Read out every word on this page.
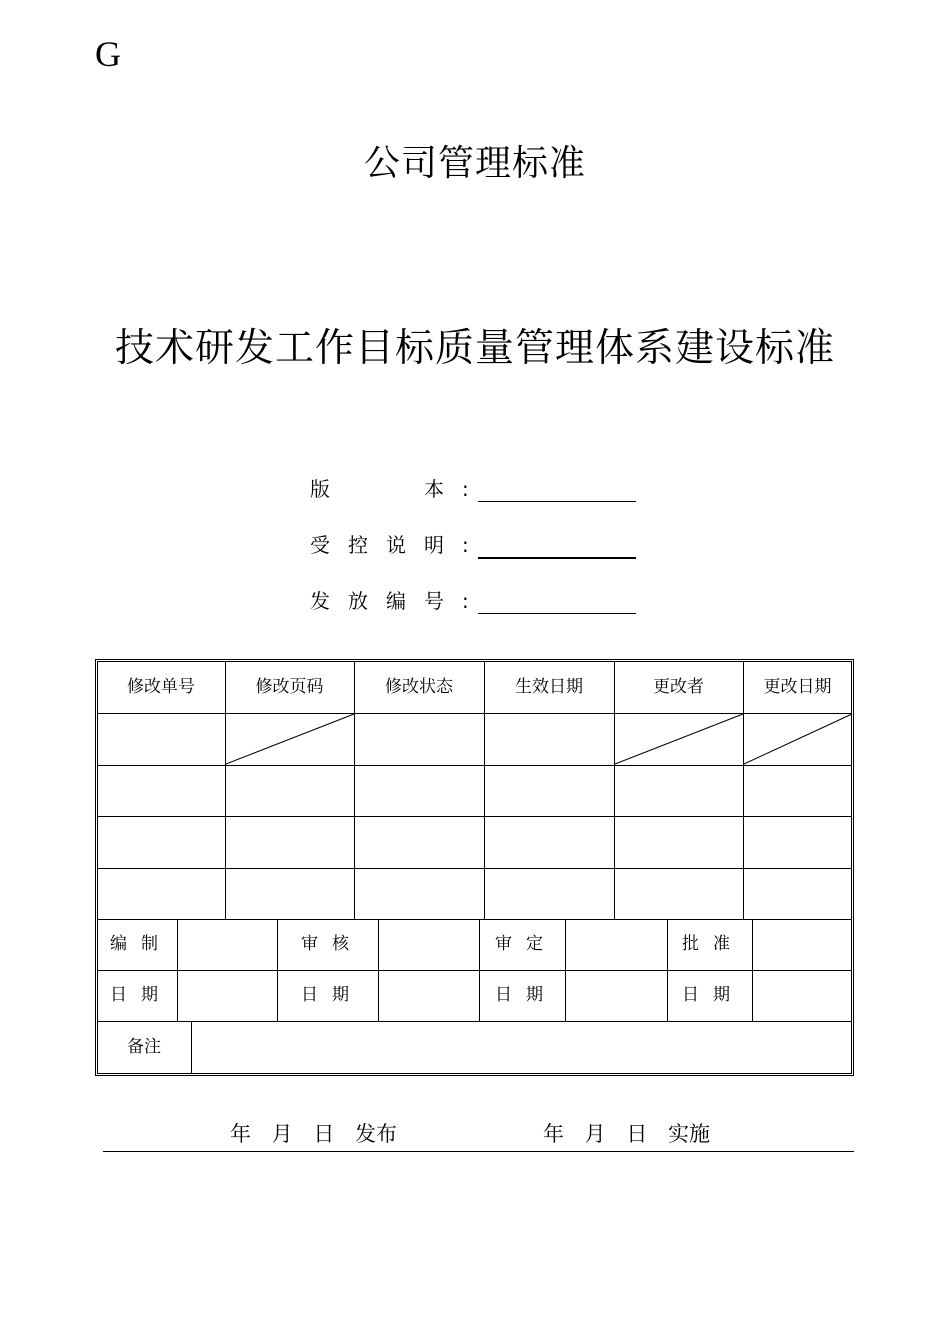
G
公司管理标准
技术研发工作目标质量管理体系建设标准
版本 :
受控说明 :
发放编号 :
修改单号	修改页码	修改状态	生效日期	更改者	更改日期
编制	审核	审定	批准
日期	日期	日期	日期
备注
年 月 日 发布	年 月 日 实施
